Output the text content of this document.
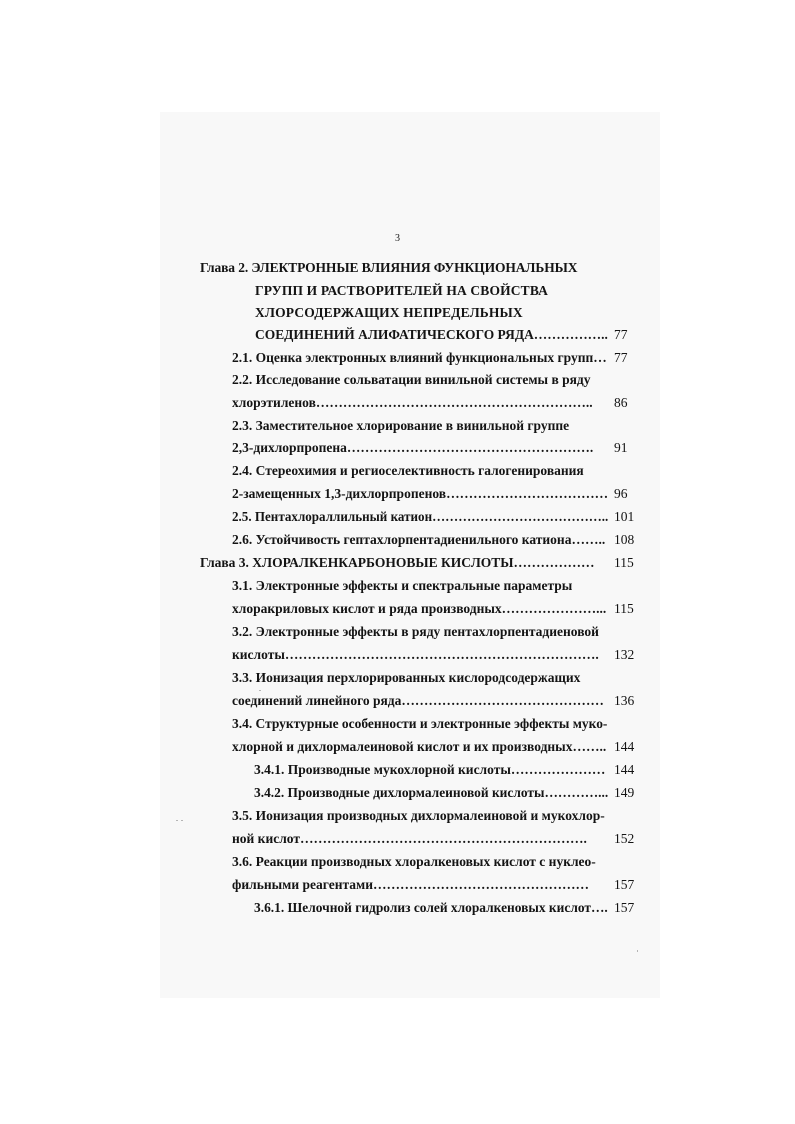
3
Глава 2. ЭЛЕКТРОННЫЕ ВЛИЯНИЯ ФУНКЦИОНАЛЬНЫХ
ГРУПП И РАСТВОРИТЕЛЕЙ НА СВОЙСТВА
ХЛОРСОДЕРЖАЩИХ НЕПРЕДЕЛЬНЫХ
СОЕДИНЕНИЙ АЛИФАТИЧЕСКОГО РЯДА…………….. 77
2.1. Оценка электронных влияний функциональных групп… 77
2.2. Исследование сольватации винильной системы в ряду
хлорэтиленов…………………………………………………….. 86
2.3. Заместительное хлорирование в винильной группе
2,3-дихлорпропена………………………………………………. 91
2.4. Стереохимия и региоселективность галогенирования
2-замещенных 1,3-дихлорпропенов……………………………… 96
2.5. Пентахлораллильный катион………………………………….. 101
2.6. Устойчивость гептахлорпентадиенильного катиона…….. 108
Глава 3. ХЛОРАЛКЕНКАРБОНОВЫЕ КИСЛОТЫ……………… 115
3.1. Электронные эффекты и спектральные параметры
хлоракриловых кислот и ряда производных…………………... 115
3.2. Электронные эффекты в ряду пентахлорпентадиеновой
кислоты……………………………………………………………. 132
3.3. Ионизация перхлорированных кислородсодержащих
соединений линейного ряда……………………………………… 136
3.4. Структурные особенности и электронные эффекты муко-
хлорной и дихлормалеиновой кислот и их производных…….. 144
3.4.1. Производные мукохлорной кислоты………………… 144
3.4.2. Производные дихлормалеиновой кислоты…………... 149
3.5. Ионизация производных дихлормалеиновой и мукохлор-
ной кислот………………………………………………………. 152
3.6. Реакции производных хлоралкеновых кислот с нуклео-
фильными реагентами………………………………………… 157
3.6.1. Шелочной гидролиз солей хлоралкеновых кислот…. 157
